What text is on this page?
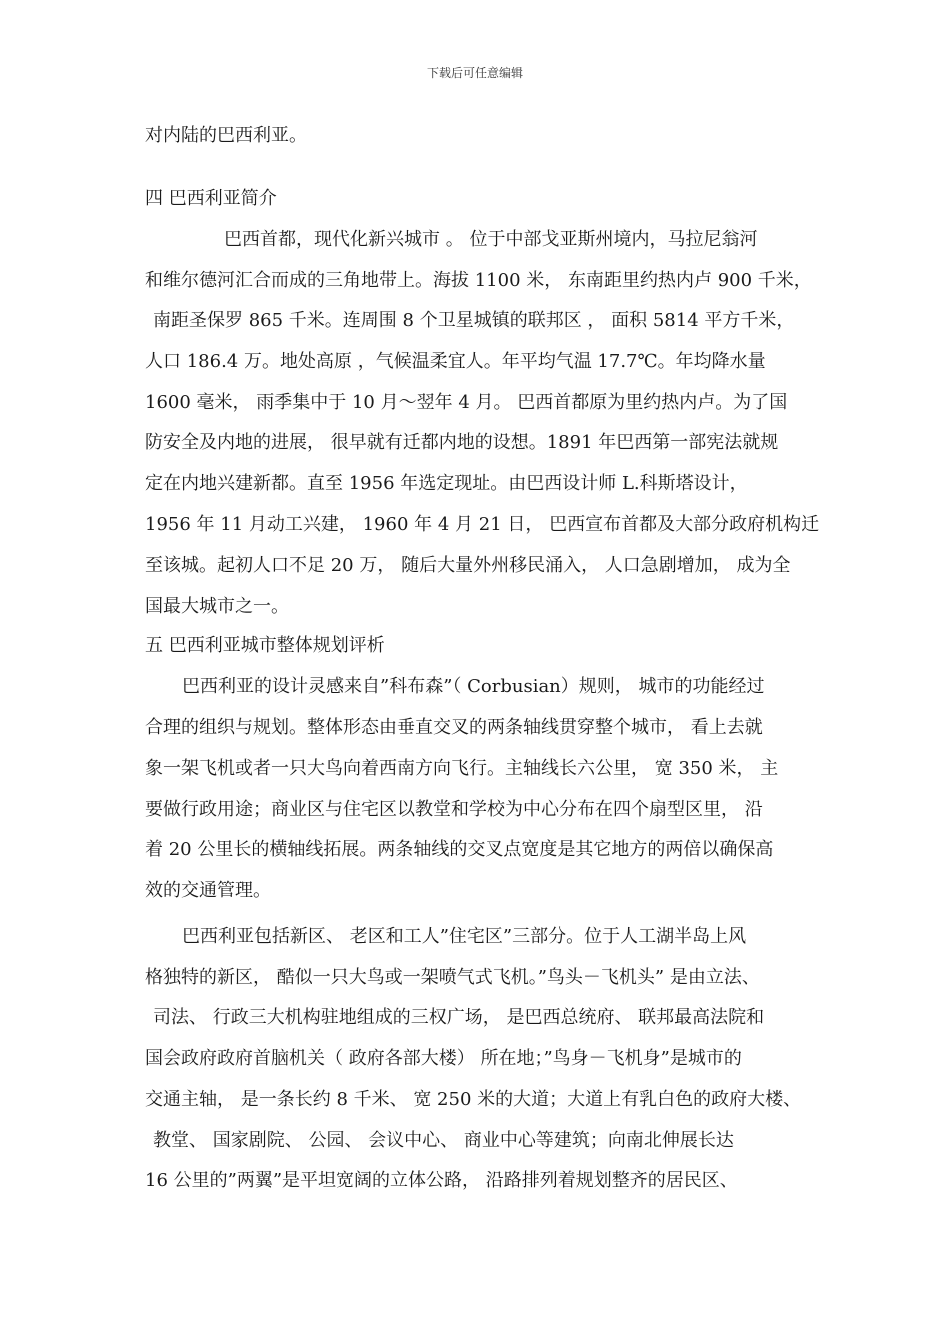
下载后可任意编辑
对内陆的巴西利亚。
四 巴西利亚简介
巴西首都，现代化新兴城市 。 位于中部戈亚斯州境内，马拉尼翁河
和维尔德河汇合而成的三角地带上。海拔 1100 米， 东南距里约热内卢 900 千米，
南距圣保罗 865 千米。连周围 8 个卫星城镇的联邦区 ， 面积 5814 平方千米，
人口 186.4 万。地处高原 ，气候温柔宜人。年平均气温 17.7℃。年均降水量
1600 毫米， 雨季集中于 10 月～翌年 4 月。 巴西首都原为里约热内卢。为了国
防安全及内地的进展， 很早就有迁都内地的设想。1891 年巴西第一部宪法就规
定在内地兴建新都。直至 1956 年选定现址。由巴西设计师 L.科斯塔设计，
1956 年 11 月动工兴建， 1960 年 4 月 21 日， 巴西宣布首都及大部分政府机构迁
至该城。起初人口不足 20 万， 随后大量外州移民涌入， 人口急剧增加， 成为全
国最大城市之一。
五 巴西利亚城市整体规划评析
巴西利亚的设计灵感来自”科布森”（ Corbusian）规则， 城市的功能经过
合理的组织与规划。整体形态由垂直交叉的两条轴线贯穿整个城市， 看上去就
象一架飞机或者一只大鸟向着西南方向飞行。主轴线长六公里， 宽 350 米， 主
要做行政用途；商业区与住宅区以教堂和学校为中心分布在四个扇型区里， 沿
着 20 公里长的横轴线拓展。两条轴线的交叉点宽度是其它地方的两倍以确保高
效的交通管理。
巴西利亚包括新区、 老区和工人”住宅区”三部分。位于人工湖半岛上风
格独特的新区， 酷似一只大鸟或一架喷气式飞机。”鸟头－飞机头” 是由立法、
司法、 行政三大机构驻地组成的三权广场， 是巴西总统府、 联邦最高法院和
国会政府政府首脑机关（ 政府各部大楼） 所在地；”鸟身－飞机身”是城市的
交通主轴， 是一条长约 8 千米、 宽 250 米的大道；大道上有乳白色的政府大楼、
教堂、 国家剧院、 公园、 会议中心、 商业中心等建筑；向南北伸展长达
16 公里的”两翼”是平坦宽阔的立体公路， 沿路排列着规划整齐的居民区、
